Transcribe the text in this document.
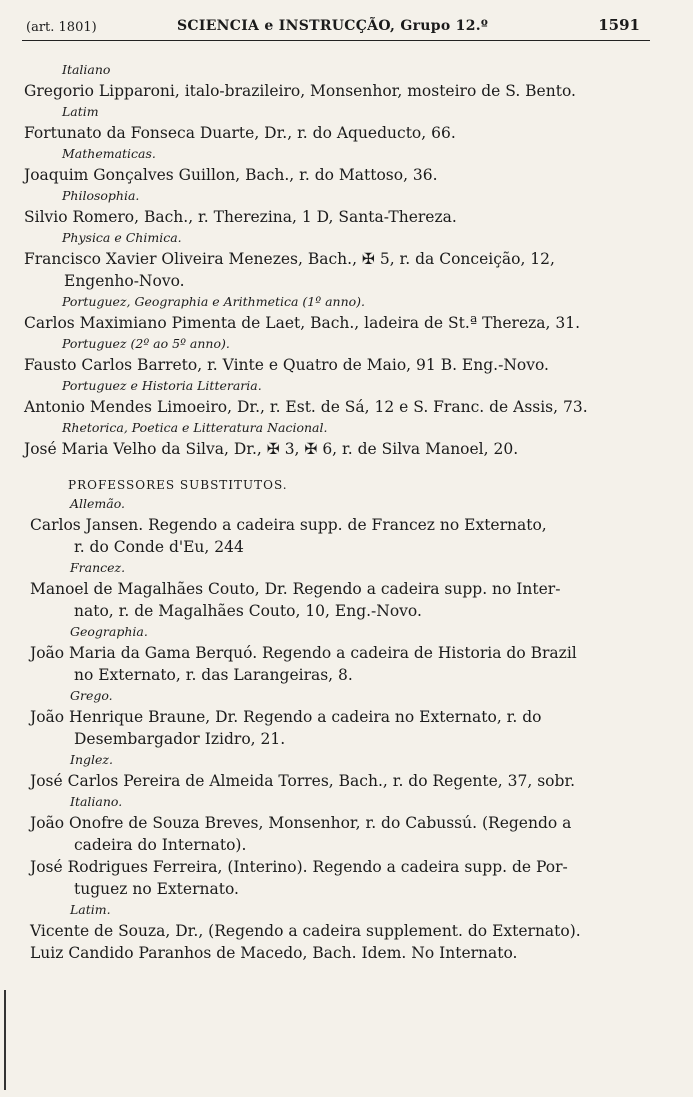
(art. 1801)	SCIENCIA e INSTRUCÇÃO, Grupo 12.º	1591
Italiano
Gregorio Lipparoni, italo-brazileiro, Monsenhor, mosteiro de S. Bento.
Latim
Fortunato da Fonseca Duarte, Dr., r. do Aqueducto, 66.
Mathematicas.
Joaquim Gonçalves Guillon, Bach., r. do Mattoso, 36.
Philosophia.
Silvio Romero, Bach., r. Therezina, 1 D, Santa-Thereza.
Physica e Chimica.
Francisco Xavier Oliveira Menezes, Bach., ✠ 5, r. da Conceição, 12,
Engenho-Novo.
Portuguez, Geographia e Arithmetica (1º anno).
Carlos Maximiano Pimenta de Laet, Bach., ladeira de St.ª Thereza, 31.
Portuguez (2º ao 5º anno).
Fausto Carlos Barreto, r. Vinte e Quatro de Maio, 91 B. Eng.-Novo.
Portuguez e Historia Litteraria.
Antonio Mendes Limoeiro, Dr., r. Est. de Sá, 12 e S. Franc. de Assis, 73.
Rhetorica, Poetica e Litteratura Nacional.
José Maria Velho da Silva, Dr., ✠ 3, ✠ 6, r. de Silva Manoel, 20.
PROFESSORES SUBSTITUTOS.
Allemão.
Carlos Jansen. Regendo a cadeira supp. de Francez no Externato,
r. do Conde d'Eu, 244
Francez.
Manoel de Magalhães Couto, Dr. Regendo a cadeira supp. no Inter-
nato, r. de Magalhães Couto, 10, Eng.-Novo.
Geographia.
João Maria da Gama Berquó. Regendo a cadeira de Historia do Brazil
no Externato, r. das Larangeiras, 8.
Grego.
João Henrique Braune, Dr. Regendo a cadeira no Externato, r. do
Desembargador Izidro, 21.
Inglez.
José Carlos Pereira de Almeida Torres, Bach., r. do Regente, 37, sobr.
Italiano.
João Onofre de Souza Breves, Monsenhor, r. do Cabussú. (Regendo a
cadeira do Internato).
José Rodrigues Ferreira, (Interino). Regendo a cadeira supp. de Por-
tuguez no Externato.
Latim.
Vicente de Souza, Dr., (Regendo a cadeira supplement. do Externato).
Luiz Candido Paranhos de Macedo, Bach. Idem. No Internato.
